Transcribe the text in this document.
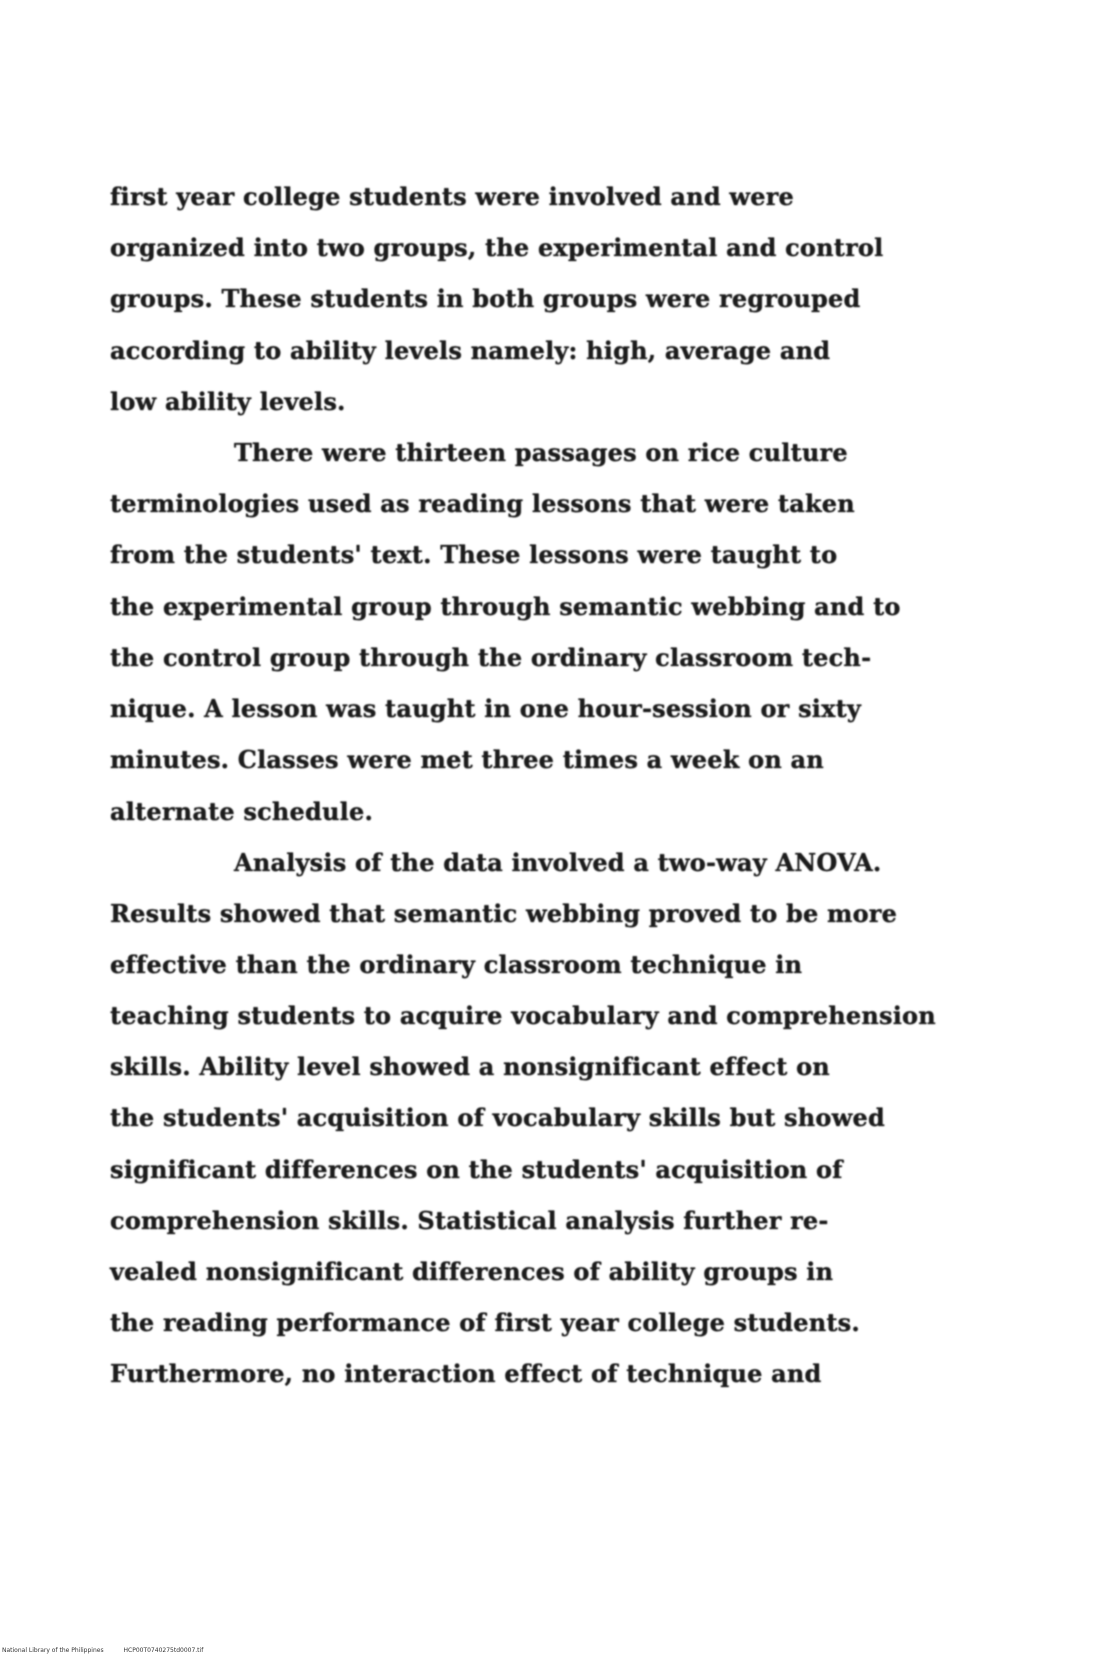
first year college students were involved and were
organized into two groups, the experimental and control
groups. These students in both groups were regrouped
according to ability levels namely: high, average and
low ability levels.
There were thirteen passages on rice culture
terminologies used as reading lessons that were taken
from the students' text. These lessons were taught to
the experimental group through semantic webbing and to
the control group through the ordinary classroom tech-
nique. A lesson was taught in one hour-session or sixty
minutes. Classes were met three times a week on an
alternate schedule.
Analysis of the data involved a two-way ANOVA.
Results showed that semantic webbing proved to be more
effective than the ordinary classroom technique in
teaching students to acquire vocabulary and comprehension
skills. Ability level showed a nonsignificant effect on
the students' acquisition of vocabulary skills but showed
significant differences on the students' acquisition of
comprehension skills. Statistical analysis further re-
vealed nonsignificant differences of ability groups in
the reading performance of first year college students.
Furthermore, no interaction effect of technique and
National Library of the Philippines	HCP00T0740275td0007.tif
